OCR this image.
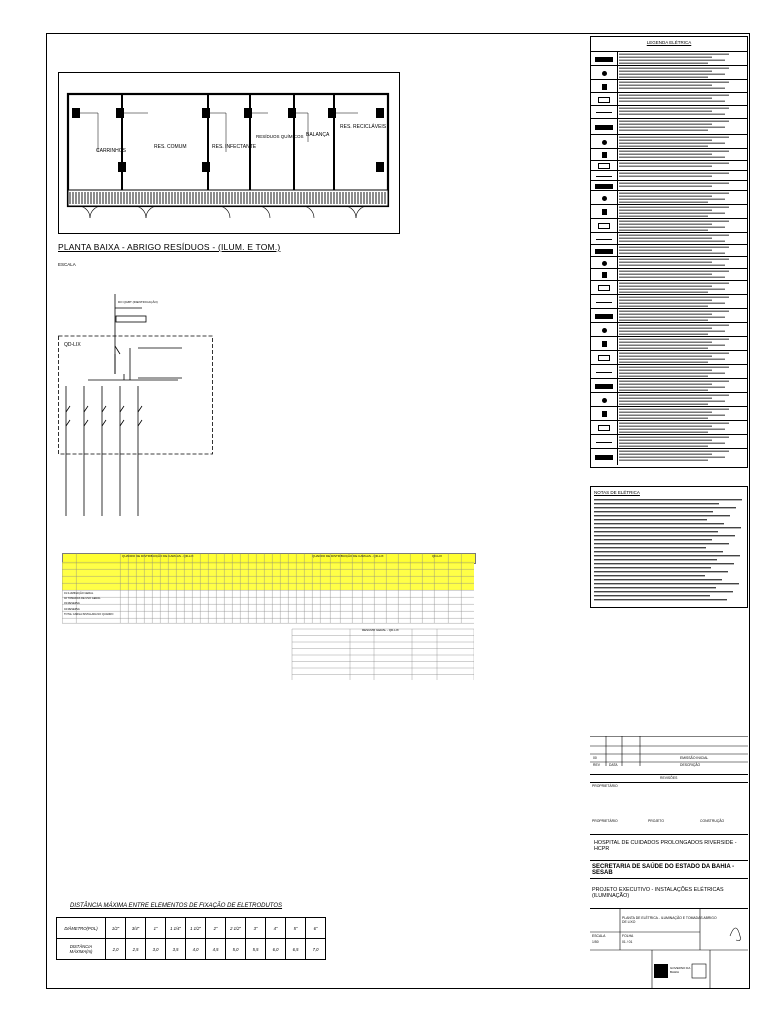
CARRINHOS
RES. COMUM	RES. INFECTANTE
RESÍDUOS QUÍMICOS BALANÇA
RES. RECICLÁVEIS
PLANTA BAIXA - ABRIGO RESÍDUOS - (ILUM. E TOM.)
ESCALA
QD-LIX
DO QGBT (IDENTIFICAÇÃO)
QUADRO DE DISTRIBUIÇÃO DE CARGAS - QD-LIX	QUADRO DE DISTRIBUIÇÃO DE CARGAS - QD-LIX	QD-LIX
01 ILUMINAÇÃO GERAL
02 TOMADAS DE USO GERAL
03 RESERVA
04 RESERVA
TOTAL CARGA INSTALADA NO QUADRO
RESUMO GERAL - QD-LIX
DISTÂNCIA MÁXIMA ENTRE ELEMENTOS DE FIXAÇÃO DE ELETRODUTOS
DIÂMETRO(POL)	1/2"	3/4"	1"	1 1/4"	1 1/2"	2"	2 1/2"	3"	4"	5"	6"
DISTÂNCIA MÁXIMA(m)	2,0	2,5	3,0	3,5	4,0	4,5	5,0	5,5	6,0	6,5	7,0
LEGENDA ELÉTRICA
NOTAS DE ELÉTRICA
00	EMISSÃO INICIAL
REV	DATA	DESCRIÇÃO
REVISÕES
PROPRIETÁRIO
PROPRIETÁRIO	PROJETO	CONSTRUÇÃO
HOSPITAL DE CUIDADOS PROLONGADOS RIVERSIDE - HCPR
SECRETARIA DE SAÚDE DO ESTADO DA BAHIA - SESAB
PROJETO EXECUTIVO - INSTALAÇÕES ELÉTRICAS (ILUMINAÇÃO)
PLANTA DE ELÉTRICA - ILUMINAÇÃO E TOMADAS ABRIGO DE LIXO
ESCALA
1/50
FOLHA
01 / 01
GOVERNO DA BAHIA
